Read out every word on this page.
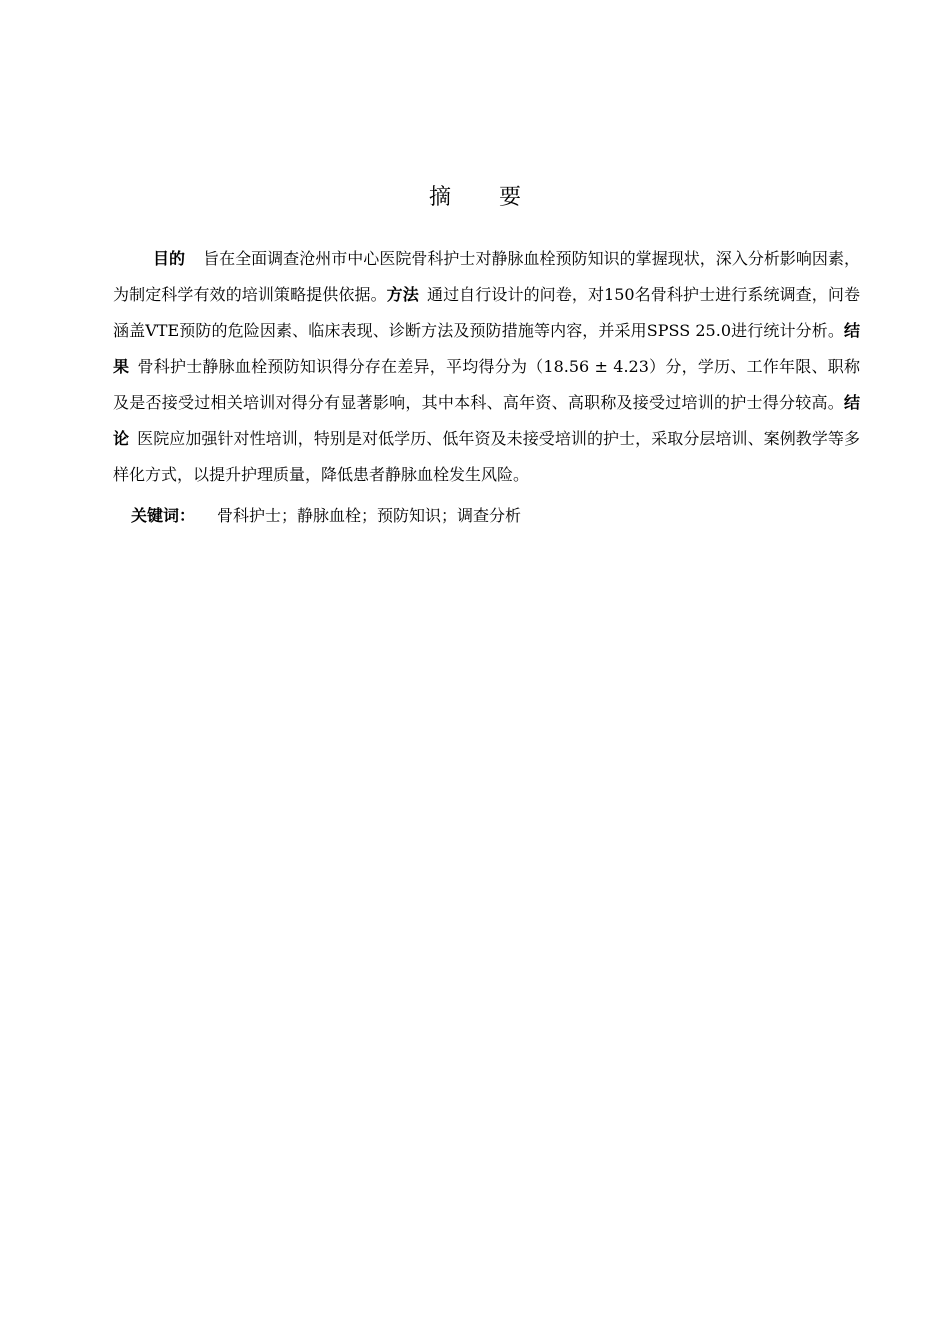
摘 要

目的 旨在全面调查沧州市中心医院骨科护士对静脉血栓预防知识的掌握现状，深入分析影响因素，为制定科学有效的培训策略提供依据。方法 通过自行设计的问卷，对150名骨科护士进行系统调查，问卷涵盖VTE预防的危险因素、临床表现、诊断方法及预防措施等内容，并采用SPSS 25.0进行统计分析。结果 骨科护士静脉血栓预防知识得分存在差异，平均得分为（18.56 ± 4.23）分，学历、工作年限、职称及是否接受过相关培训对得分有显著影响，其中本科、高年资、高职称及接受过培训的护士得分较高。结论 医院应加强针对性培训，特别是对低学历、低年资及未接受培训的护士，采取分层培训、案例教学等多样化方式，以提升护理质量，降低患者静脉血栓发生风险。

关键词： 骨科护士；静脉血栓；预防知识；调查分析
